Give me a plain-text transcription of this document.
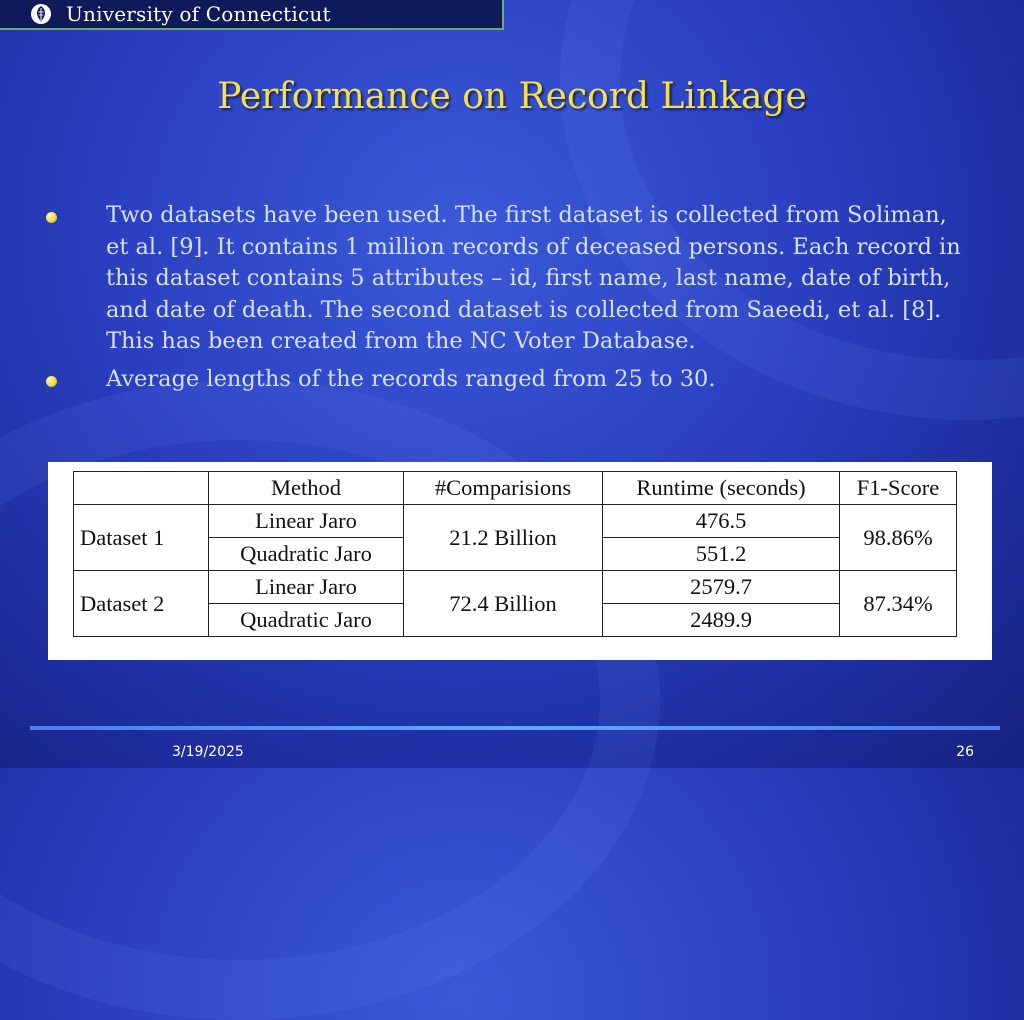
University of Connecticut
Performance on Record Linkage
Two datasets have been used. The first dataset is collected from Soliman, et al. [9]. It contains 1 million records of deceased persons. Each record in this dataset contains 5 attributes – id, first name, last name, date of birth, and date of death. The second dataset is collected from Saeedi, et al. [8]. This has been created from the NC Voter Database.
Average lengths of the records ranged from 25 to 30.
	Method	#Comparisions	Runtime (seconds)	F1-Score
Dataset 1	Linear Jaro	21.2 Billion	476.5	98.86%
	Quadratic Jaro		551.2	
Dataset 2	Linear Jaro	72.4 Billion	2579.7	87.34%
	Quadratic Jaro		2489.9	
3/19/2025	26
